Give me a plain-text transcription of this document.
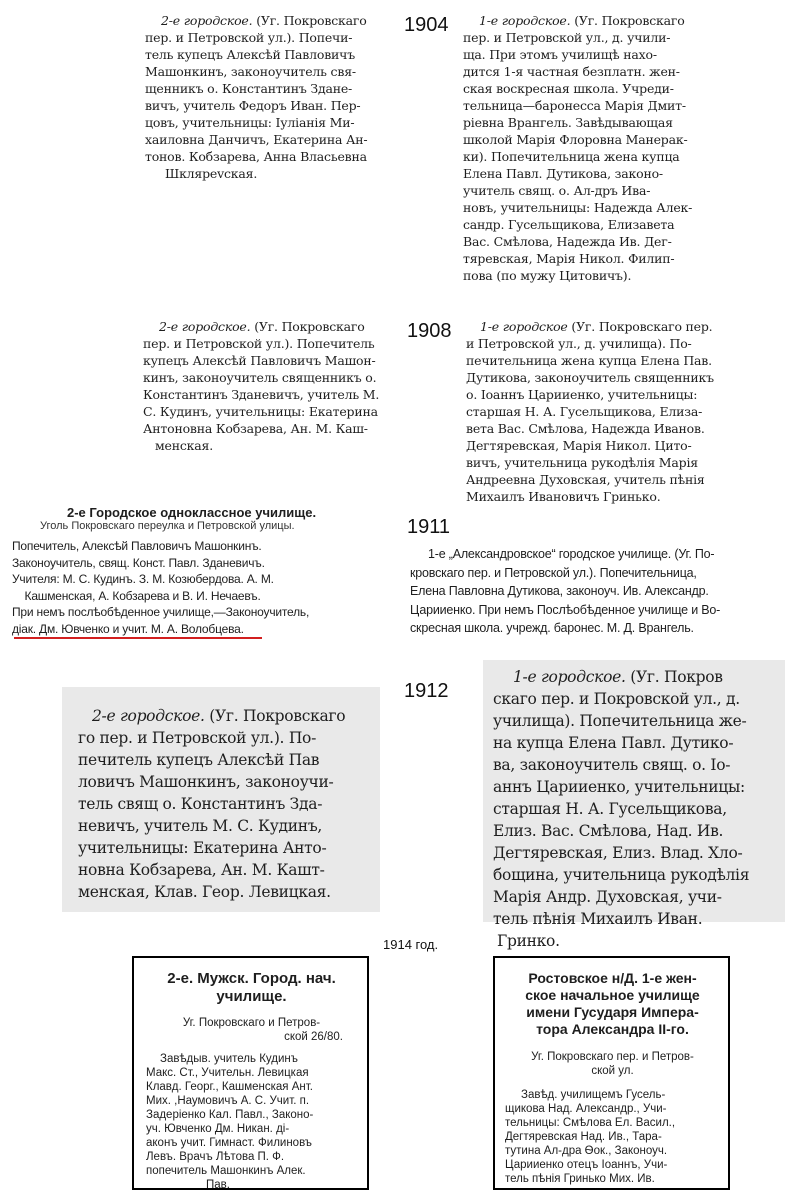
1904
1908
1911
1912
1914 год.
2-е городское. (Уг. Покровскаго
пер. и Петровской ул.). Попечи-
тель купецъ Алексѣй Павловичъ
Машонкинъ, законоучитель свя-
щенникъ о. Константинъ Здане-
вичъ, учитель Федоръ Иван. Пер-
цовъ, учительницы: Іуліанія Ми-
хаиловна Данчичъ, Екатерина Ан-
тонов. Кобзарева, Анна Власьевна
Шклярevская.
1-е городское. (Уг. Покровскаго
пер. и Петровской ул., д. учили-
ща. При этомъ училищѣ нахо-
дится 1-я частная безплатн. жен-
ская воскресная школа. Учреди-
тельница—баронесса Марія Дмит-
ріевна Врангель. Завѣдывающая
школой Марія Флоровна Манерак-
ки). Попечительница жена купца
Елена Павл. Дутикова, законо-
учитель свящ. о. Ал-дръ Ива-
новъ, учительницы: Надежда Алек-
сандр. Гусельщикова, Елизавета
Вас. Смѣлова, Надежда Ив. Дег-
тяревская, Марія Никол. Филип-
пова (по мужу Цитовичъ).
2-е городское. (Уг. Покровскаго
пер. и Петровской ул.). Попечитель
купецъ Алексѣй Павловичъ Машон-
кинъ, законоучитель священникъ о.
Константинъ Зданевичъ, учитель М.
С. Кудинъ, учительницы: Екатерина
Антоновна Кобзарева, Ан. М. Каш-
менская.
1-е городское (Уг. Покровскаго пер.
и Петровской ул., д. училища). По-
печительница жена купца Елена Пав.
Дутикова, законоучитель священникъ
о. Іоаннъ Царииенко, учительницы:
старшая Н. А. Гусельщикова, Елиза-
вета Вас. Смѣлова, Надежда Иванов.
Дегтяревская, Марія Никол. Цито-
вичъ, учительница рукодѣлія Марія
Андреевна Духовская, учитель пѣнія
Михаилъ Ивановичъ Гринько.
2-е Городское одноклассное училище.
Уголь Покровскаго переулка и Петровской улицы.
Попечитель, Алексѣй Павловичъ Машонкинъ.
Законоучитель, свящ. Конст. Павл. Зданевичъ.
Учителя: М. С. Кудинъ. З. М. Козюбердова. А. М.
Кашменская, А. Кобзарева и В. И. Нечаевъ.
При немъ послѣобѣденное училище,—Законоучитель,
діак. Дм. Ювченко и учит. М. А. Волобцева.
1-е „Александровское“ городское училище. (Уг. По-
кровскаго пер. и Петровской ул.). Попечительница,
Елена Павловна Дутикова, законоуч. Ив. Александр.
Царииенко. При немъ Послѣобѣденное училище и Во-
скресная школа. учрежд. баронес. М. Д. Врангель.
2-е городское. (Уг. Покровскаго
го пер. и Петровской ул.). По-
печитель купецъ Алексѣй Пав
ловичъ Машонкинъ, законоучи-
тель свящ о. Константинъ Зда-
невичъ, учитель М. С. Кудинъ,
учительницы: Екатерина Анто-
новна Кобзарева, Ан. М. Кашт-
менская, Клав. Геор. Левицкая.
1-е городское. (Уг. Покров
скаго пер. и Покровской ул., д.
училища). Попечительница же-
на купца Елена Павл. Дутико-
ва, законоучитель свящ. о. Іо-
аннъ Царииенко, учительницы:
старшая Н. А. Гусельщикова,
Елиз. Вас. Смѣлова, Над. Ив.
Дегтяревская, Елиз. Влад. Хло-
бощина, учительница рукодѣлія
Марія Андр. Духовская, учи-
тель пѣнія Михаилъ Иван.
Гринко.
2-е. Мужск. Город. нач.
училище.
Уг. Покровскаго и Петров-
ской 26/80.
Завѣдыв. учитель Кудинъ
Макс. Ст., Учительн. Левицкая
Клавд. Георг., Кашменская Ант.
Мих. ,Наумовичъ А. С. Учит. п.
Задеріенко Кал. Павл., Законо-
уч. Ювченко Дм. Никан. ді-
аконъ учит. Гимнаст. Филиновъ
Левъ. Врачъ Лѣтова П. Ф.
попечитель Машонкинъ Алек.
Пав.
Ростовское н/Д. 1-е жен-
ское начальное училище
имени Гусударя Импера-
тора Александра II-го.
Уг. Покровскаго пер. и Петров-
ской ул.
Завѣд. училищемъ Гусель-
щикова Над. Александр., Учи-
тельницы: Смѣлова Ел. Васил.,
Дегтяревская Над. Ив., Тара-
тутина Ал-дра Ѳок., Законоуч.
Царииенко отецъ Іоаннъ, Учи-
тель пѣнія Гринько Мих. Ив.
